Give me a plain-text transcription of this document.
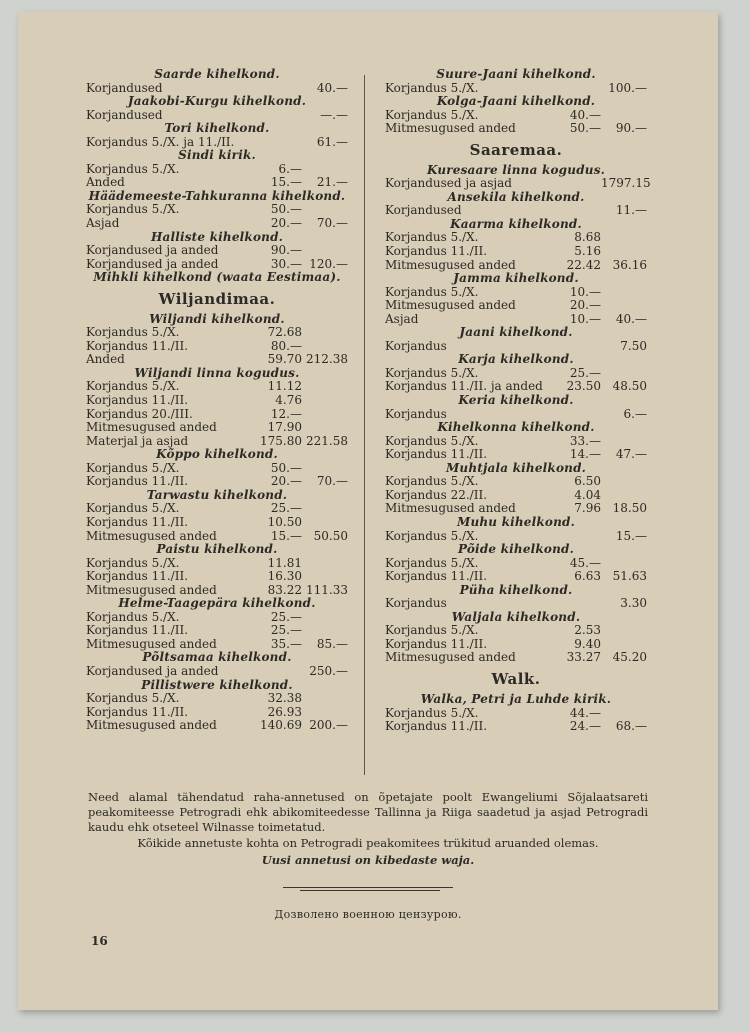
Saarde kihelkond.
Korjandused	40.—
Jaakobi-Kurgu kihelkond.
Korjandused	—.—
Tori kihelkond.
Korjandus 5./X. ja 11./II.	61.—
Sindi kirik.
Korjandus 5./X.	6.—
Anded	15.—	21.—
Häädemeeste-Tahkuranna kihelkond.
Korjandus 5./X.	50.—
Asjad	20.—	70.—
Halliste kihelkond.
Korjandused ja anded	90.—
Korjandused ja anded	30.— 120.—
Mihkli kihelkond (waata Eestimaa).
Wiljandimaa.
Wiljandi kihelkond.
Korjandus 5./X.	72.68
Korjandus 11./II.	80.—
Anded	59.70 212.38
Wiljandi linna kogudus.
Korjandus 5./X.	11.12
Korjandus 11./II.	4.76
Korjandus 20./III.	12.—
Mitmesugused anded	17.90
Materjal ja asjad	175.80 221.58
Kõppo kihelkond.
Korjandus 5./X.	50.—
Korjandus 11./II.	20.—	70.—
Tarwastu kihelkond.
Korjandus 5./X.	25.—
Korjandus 11./II.	10.50
Mitmesugused anded	15.— 50.50
Paistu kihelkond.
Korjandus 5./X.	11.81
Korjandus 11./II.	16.30
Mitmesugused anded	83.22 111.33
Helme-Taagepära kihelkond.
Korjandus 5./X.	25.—
Korjandus 11./II.	25.—
Mitmesugused anded	35.—	85.—
Põltsamaa kihelkond.
Korjandused ja anded	250.—
Pillistwere kihelkond.
Korjandus 5./X.	32.38
Korjandus 11./II.	26.93
Mitmesugused anded	140.69 200.—
Suure-Jaani kihelkond.
Korjandus 5./X.	100.—
Kolga-Jaani kihelkond.
Korjandus 5./X.	40.—
Mitmesugused anded	50.—	90.—
Saaremaa.
Kuresaare linna kogudus.
Korjandused ja asjad	1797.15
Ansekila kihelkond.
Korjandused	11.—
Kaarma kihelkond.
Korjandus 5./X.	8.68
Korjandus 11./II.	5.16
Mitmesugused anded	22.42 36.16
Jamma kihelkond.
Korjandus 5./X.	10.—
Mitmesugused anded	20.—
Asjad	10.—	40.—
Jaani kihelkond.
Korjandus	7.50
Karja kihelkond.
Korjandus 5./X.	25.—
Korjandus 11./II. ja anded	23.50 48.50
Keria kihelkond.
Korjandus	6.—
Kihelkonna kihelkond.
Korjandus 5./X.	33.—
Korjandus 11./II.	14.—	47.—
Muhtjala kihelkond.
Korjandus 5./X.	6.50
Korjandus 22./II.	4.04
Mitmesugused anded	7.96 18.50
Muhu kihelkond.
Korjandus 5./X.	15.—
Põide kihelkond.
Korjandus 5./X.	45.—
Korjandus 11./II.	6.63 51.63
Püha kihelkond.
Korjandus	3.30
Waljala kihelkond.
Korjandus 5./X.	2.53
Korjandus 11./II.	9.40
Mitmesugused anded	33.27 45.20
Walk.
Walka, Petri ja Luhde kirik.
Korjandus 5./X.	44.—
Korjandus 11./II.	24.—	68.—
Need alamal tähendatud raha-annetused on õpetajate poolt Ewangeliumi Sõjalaatsareti peakomiteesse Petrogradi ehk abikomiteedesse Tallinna ja Riiga saadetud ja asjad Petrogradi kaudu ehk otseteel Wilnasse toimetatud.
Kõikide annetuste kohta on Petrogradi peakomitees trükitud aruanded olemas.
Uusi annetusi on kibedaste waja.
Дозволено военною цензурою.
16
